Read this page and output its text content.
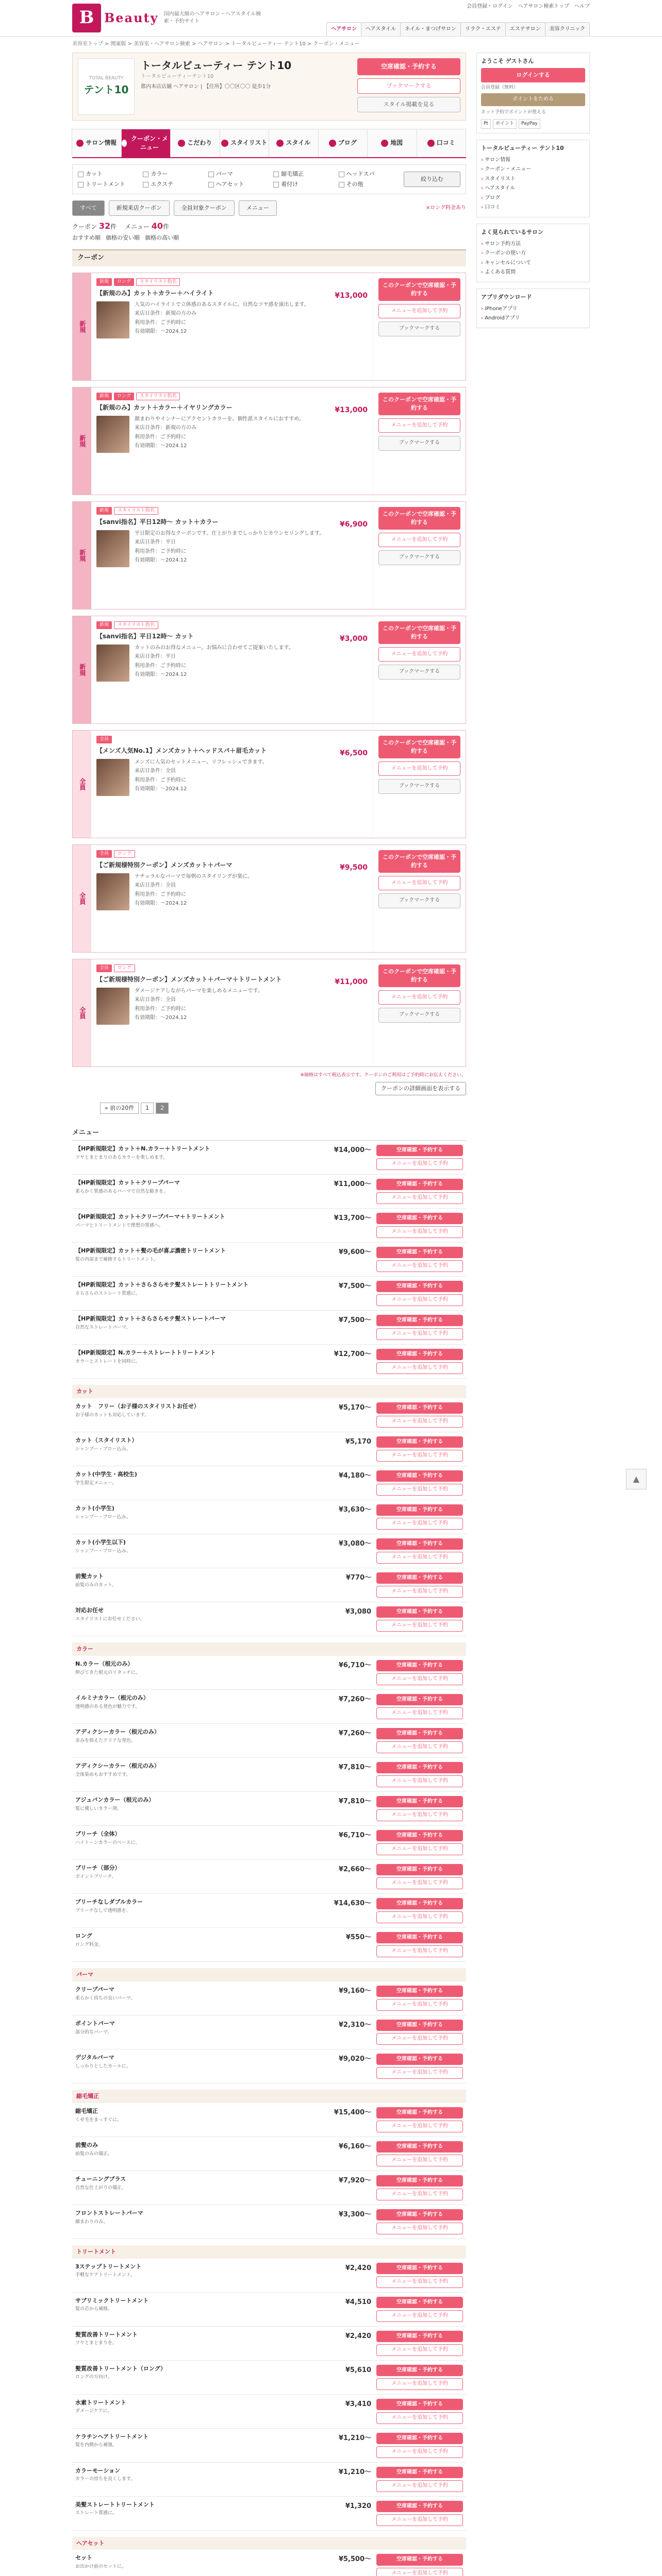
B Beauty 国内最大級のヘアサロン・ヘアスタイル検索・予約サイト
会員登録・ログイン ヘアサロン検索トップ ヘルプ
ヘアサロン	ヘアスタイル	ネイル・まつげサロン	リラク・エステ	エステサロン	美容クリニック
美容室トップ > 関東版 > 美容室・ヘアサロン検索 > ヘアサロン > トータルビューティー テント10 > クーポン・メニュー
TOTAL BEAUTY
テント10
トータルビューティー テント10
トータルビューティーテント10
都内本店店舗 ヘアサロン | 【住所】〇〇区〇〇 徒歩1分
空席確認・予約する
ブックマークする
スタイル掲載を見る
サロン情報
クーポン・メニュー
こだわり	スタイリスト	スタイル	ブログ	地図	口コミ
カット	カラー	パーマ	縮毛矯正	ヘッドスパ
トリートメント	エクステ	ヘアセット	着付け	その他
絞り込む
すべて	新規来店クーポン	全員対象クーポン	メニュー	×ロング料金あり
クーポン 32件　 メニュー 40件
おすすめ順 価格の安い順 価格の高い順
クーポン
新規
新規	ロング	スタイリスト指名
¥13,000
【新規のみ】カット＋カラー＋ハイライト

人気のハイライトで立体感のあるスタイルに。自然なツヤ感を演出します。

来店日条件：新規の方のみ

利用条件：ご予約時に

有効期限：〜2024.12

このクーポンで空席確認・予約する
メニューを追加して予約
ブックマークする
新規
新規	ロング	スタイリスト指名
¥13,000
【新規のみ】カット＋カラー＋イヤリングカラー

顔まわりやインナーにアクセントカラーを。個性派スタイルにおすすめ。

来店日条件：新規の方のみ

利用条件：ご予約時に

有効期限：〜2024.12

このクーポンで空席確認・予約する
メニューを追加して予約
ブックマークする
新規
新規	スタイリスト指名
¥6,900
【sanvi指名】平日12時〜 カット＋カラー

平日限定のお得なクーポンです。仕上がりまでしっかりとカウンセリングします。

来店日条件：平日

利用条件：ご予約時に

有効期限：〜2024.12

このクーポンで空席確認・予約する
メニューを追加して予約
ブックマークする
新規
新規	スタイリスト指名
¥3,000
【sanvi指名】平日12時〜 カット

カットのみのお得なメニュー。お悩みに合わせてご提案いたします。

来店日条件：平日

利用条件：ご予約時に

有効期限：〜2024.12

このクーポンで空席確認・予約する
メニューを追加して予約
ブックマークする
全員
全員
¥6,500
【メンズ人気No.1】メンズカット＋ヘッドスパ＋眉毛カット

メンズに人気のセットメニュー。リフレッシュできます。

来店日条件：全員

利用条件：ご予約時に

有効期限：〜2024.12

このクーポンで空席確認・予約する
メニューを追加して予約
ブックマークする
全員
全員	ロング
¥9,500
【ご新規様特別クーポン】メンズカット＋パーマ

ナチュラルなパーマで毎朝のスタイリングが楽に。

来店日条件：全員

利用条件：ご予約時に

有効期限：〜2024.12

このクーポンで空席確認・予約する
メニューを追加して予約
ブックマークする
全員
全員	ロング
¥11,000
【ご新規様特別クーポン】メンズカット＋パーマ＋トリートメント

ダメージケアしながらパーマを楽しめるメニューです。

来店日条件：全員

利用条件：ご予約時に

有効期限：〜2024.12

このクーポンで空席確認・予約する
メニューを追加して予約
ブックマークする
※価格はすべて税込表示です。クーポンのご利用はご予約時にお伝えください。
クーポンの詳細画面を表示する
« 前の20件	1	2
メニュー
【HP新規限定】カット＋N.カラー＋トリートメント
ツヤとまとまりのあるカラーを楽しめます。
¥14,000〜	空席確認・予約する
メニューを追加して予約
【HP新規限定】カット＋クリープパーマ
柔らかく質感のあるパーマで自然な動きを。
¥11,000〜	空席確認・予約する
メニューを追加して予約
【HP新規限定】カット＋クリープパーマ＋トリートメント
パーマとトリートメントで理想の質感へ。
¥13,700〜	空席確認・予約する
メニューを追加して予約
【HP新規限定】カット＋髪の毛が喜ぶ濃密トリートメント
髪の内部まで補修するトリートメント。
¥9,600〜	空席確認・予約する
メニューを追加して予約
【HP新規限定】カット＋さらさらモテ髪ストレートトリートメント
さらさらのストレート質感に。
¥7,500〜	空席確認・予約する
メニューを追加して予約
【HP新規限定】カット＋さらさらモテ髪ストレートパーマ
自然なストレートパーマ。
¥7,500〜	空席確認・予約する
メニューを追加して予約
【HP新規限定】N.カラー＋ストレートトリートメント
カラーとストレートを同時に。
¥12,700〜	空席確認・予約する
メニューを追加して予約
カット
カット　フリー（お子様のスタイリストお任せ）
お子様のカットも対応しています。
¥5,170〜	空席確認・予約する
メニューを追加して予約
カット（スタイリスト）
シャンプー・ブロー込み。
¥5,170	空席確認・予約する
メニューを追加して予約
カット(中学生・高校生)
学生限定メニュー。
¥4,180〜	空席確認・予約する
メニューを追加して予約
カット(小学生)
シャンプー・ブロー込み。
¥3,630〜	空席確認・予約する
メニューを追加して予約
カット(小学生以下)
シャンプー・ブロー込み。
¥3,080〜	空席確認・予約する
メニューを追加して予約
前髪カット
前髪のみのカット。
¥770〜	空席確認・予約する
メニューを追加して予約
対応お任せ
スタイリストにお任せください。
¥3,080	空席確認・予約する
メニューを追加して予約
カラー
N.カラー（根元のみ）
伸びてきた根元のリタッチに。
¥6,710〜	空席確認・予約する
メニューを追加して予約
イルミナカラー（根元のみ）
透明感のある発色が魅力です。
¥7,260〜	空席確認・予約する
メニューを追加して予約
アディクシーカラー（根元のみ）
赤みを抑えたクリアな発色。
¥7,260〜	空席確認・予約する
メニューを追加して予約
アディクシーカラー（根元のみ）
全体染めもおすすめです。
¥7,810〜	空席確認・予約する
メニューを追加して予約
アジュバンカラー（根元のみ）
髪に優しいカラー剤。
¥7,810〜	空席確認・予約する
メニューを追加して予約
ブリーチ（全体）
ハイトーンカラーのベースに。
¥6,710〜	空席確認・予約する
メニューを追加して予約
ブリーチ（部分）
ポイントブリーチ。
¥2,660〜	空席確認・予約する
メニューを追加して予約
ブリーチなしダブルカラー
ブリーチなしで透明感を。
¥14,630〜	空席確認・予約する
メニューを追加して予約
ロング
ロング料金。
¥550〜	空席確認・予約する
メニューを追加して予約
パーマ
クリープパーマ
柔らかく持ちの良いパーマ。
¥9,160〜	空席確認・予約する
メニューを追加して予約
ポイントパーマ
部分的なパーマ。
¥2,310〜	空席確認・予約する
メニューを追加して予約
デジタルパーマ
しっかりとしたカールに。
¥9,020〜	空席確認・予約する
メニューを追加して予約
縮毛矯正
縮毛矯正
くせ毛をまっすぐに。
¥15,400〜	空席確認・予約する
メニューを追加して予約
前髪のみ
前髪のみの矯正。
¥6,160〜	空席確認・予約する
メニューを追加して予約
チューニングブラス
自然な仕上がりの矯正。
¥7,920〜	空席確認・予約する
メニューを追加して予約
フロントストレートパーマ
顔まわりのみ。
¥3,300〜	空席確認・予約する
メニューを追加して予約
トリートメント
3ステップトリートメント
手軽なケアトリートメント。
¥2,420	空席確認・予約する
メニューを追加して予約
サブリミックトリートメント
髪の芯から補修。
¥4,510	空席確認・予約する
メニューを追加して予約
髪質改善トリートメント
ツヤとまとまりを。
¥2,420	空席確認・予約する
メニューを追加して予約
髪質改善トリートメント（ロング）
ロングの方向け。
¥5,610	空席確認・予約する
メニューを追加して予約
水素トリートメント
ダメージケアに。
¥3,410	空席確認・予約する
メニューを追加して予約
ケラチンヘアトリートメント
髪を内側から補強。
¥1,210〜	空席確認・予約する
メニューを追加して予約
カラーモーション
カラーの持ちを良くします。
¥1,210〜	空席確認・予約する
メニューを追加して予約
美髪ストレートトリートメント
ストレート質感に。
¥1,320	空席確認・予約する
メニューを追加して予約
ヘアセット
セット
お出かけ前のセットに。
¥5,500〜	空席確認・予約する
メニューを追加して予約
ようこそ ゲストさん
ログインする
会員登録（無料）
ポイントをためる
ネット予約でポイントが使える
Pt	ポイント	PayPay
トータルビューティー テント10
› サロン情報
› クーポン・メニュー
› スタイリスト
› ヘアスタイル
› ブログ
› 口コミ
よく見られているサロン
› サロン予約方法
› クーポンの使い方
› キャンセルについて
› よくある質問
アプリダウンロード
› iPhoneアプリ
› Androidアプリ
▲
